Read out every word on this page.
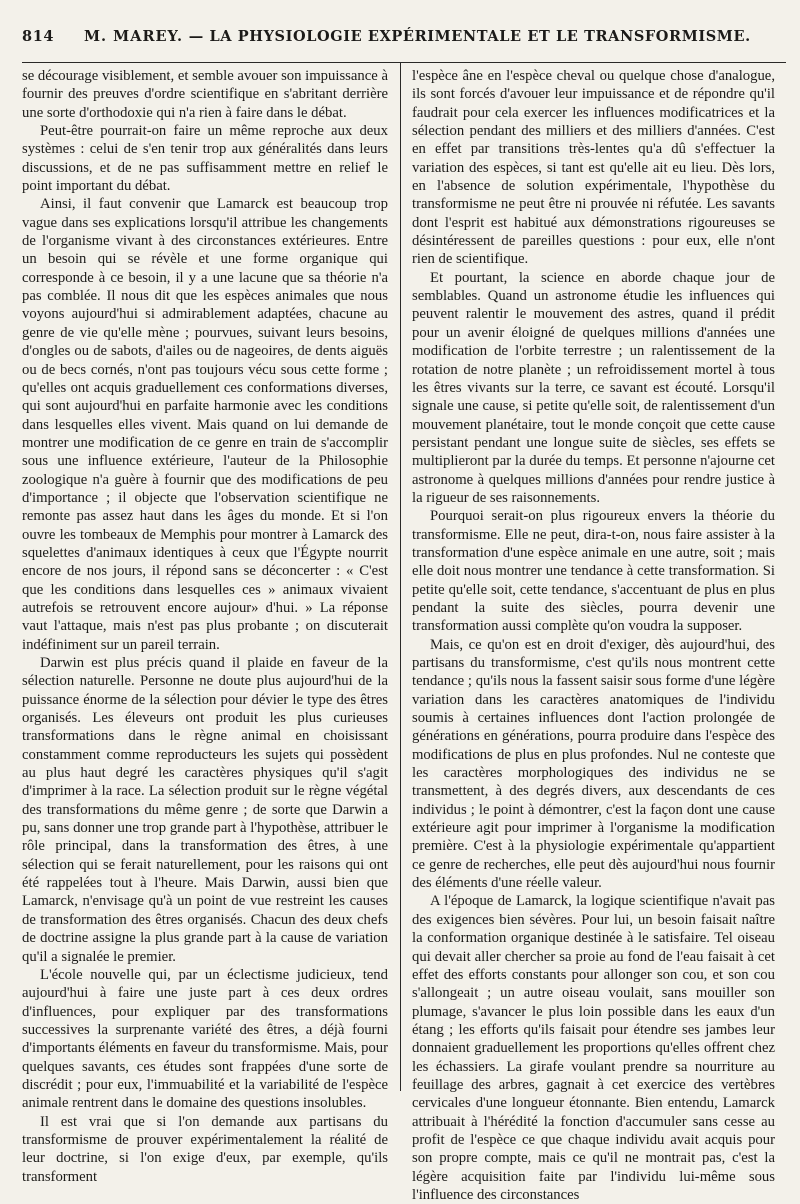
814	M. MAREY. — LA PHYSIOLOGIE EXPÉRIMENTALE ET LE TRANSFORMISME.

se décourage visiblement, et semble avouer son impuissance à fournir des preuves d'ordre scientifique en s'abritant derrière une sorte d'orthodoxie qui n'a rien à faire dans le débat.

Peut-être pourrait-on faire un même reproche aux deux systèmes : celui de s'en tenir trop aux généralités dans leurs discussions, et de ne pas suffisamment mettre en relief le point important du débat.

Ainsi, il faut convenir que Lamarck est beaucoup trop vague dans ses explications lorsqu'il attribue les changements de l'organisme vivant à des circonstances extérieures. Entre un besoin qui se révèle et une forme organique qui corresponde à ce besoin, il y a une lacune que sa théorie n'a pas comblée. Il nous dit que les espèces animales que nous voyons aujourd'hui si admirablement adaptées, chacune au genre de vie qu'elle mène ; pourvues, suivant leurs besoins, d'ongles ou de sabots, d'ailes ou de nageoires, de dents aiguës ou de becs cornés, n'ont pas toujours vécu sous cette forme ; qu'elles ont acquis graduellement ces conformations diverses, qui sont aujourd'hui en parfaite harmonie avec les conditions dans lesquelles elles vivent. Mais quand on lui demande de montrer une modification de ce genre en train de s'accomplir sous une influence extérieure, l'auteur de la Philosophie zoologique n'a guère à fournir que des modifications de peu d'importance ; il objecte que l'observation scientifique ne remonte pas assez haut dans les âges du monde. Et si l'on ouvre les tombeaux de Memphis pour montrer à Lamarck des squelettes d'animaux identiques à ceux que l'Égypte nourrit encore de nos jours, il répond sans se déconcerter : « C'est que les conditions dans lesquelles ces » animaux vivaient autrefois se retrouvent encore aujour» d'hui. » La réponse vaut l'attaque, mais n'est pas plus probante ; on discuterait indéfiniment sur un pareil terrain.

Darwin est plus précis quand il plaide en faveur de la sélection naturelle. Personne ne doute plus aujourd'hui de la puissance énorme de la sélection pour dévier le type des êtres organisés. Les éleveurs ont produit les plus curieuses transformations dans le règne animal en choisissant constamment comme reproducteurs les sujets qui possèdent au plus haut degré les caractères physiques qu'il s'agit d'imprimer à la race. La sélection produit sur le règne végétal des transformations du même genre ; de sorte que Darwin a pu, sans donner une trop grande part à l'hypothèse, attribuer le rôle principal, dans la transformation des êtres, à une sélection qui se ferait naturellement, pour les raisons qui ont été rappelées tout à l'heure. Mais Darwin, aussi bien que Lamarck, n'envisage qu'à un point de vue restreint les causes de transformation des êtres organisés. Chacun des deux chefs de doctrine assigne la plus grande part à la cause de variation qu'il a signalée le premier.

L'école nouvelle qui, par un éclectisme judicieux, tend aujourd'hui à faire une juste part à ces deux ordres d'influences, pour expliquer par des transformations successives la surprenante variété des êtres, a déjà fourni d'importants éléments en faveur du transformisme. Mais, pour quelques savants, ces études sont frappées d'une sorte de discrédit ; pour eux, l'immuabilité et la variabilité de l'espèce animale rentrent dans le domaine des questions insolubles.

Il est vrai que si l'on demande aux partisans du transformisme de prouver expérimentalement la réalité de leur doctrine, si l'on exige d'eux, par exemple, qu'ils transforment

l'espèce âne en l'espèce cheval ou quelque chose d'analogue, ils sont forcés d'avouer leur impuissance et de répondre qu'il faudrait pour cela exercer les influences modificatrices et la sélection pendant des milliers et des milliers d'années. C'est en effet par transitions très-lentes qu'a dû s'effectuer la variation des espèces, si tant est qu'elle ait eu lieu. Dès lors, en l'absence de solution expérimentale, l'hypothèse du transformisme ne peut être ni prouvée ni réfutée. Les savants dont l'esprit est habitué aux démonstrations rigoureuses se désintéressent de pareilles questions : pour eux, elle n'ont rien de scientifique.

Et pourtant, la science en aborde chaque jour de semblables. Quand un astronome étudie les influences qui peuvent ralentir le mouvement des astres, quand il prédit pour un avenir éloigné de quelques millions d'années une modification de l'orbite terrestre ; un ralentissement de la rotation de notre planète ; un refroidissement mortel à tous les êtres vivants sur la terre, ce savant est écouté. Lorsqu'il signale une cause, si petite qu'elle soit, de ralentissement d'un mouvement planétaire, tout le monde conçoit que cette cause persistant pendant une longue suite de siècles, ses effets se multiplieront par la durée du temps. Et personne n'ajourne cet astronome à quelques millions d'années pour rendre justice à la rigueur de ses raisonnements.

Pourquoi serait-on plus rigoureux envers la théorie du transformisme. Elle ne peut, dira-t-on, nous faire assister à la transformation d'une espèce animale en une autre, soit ; mais elle doit nous montrer une tendance à cette transformation. Si petite qu'elle soit, cette tendance, s'accentuant de plus en plus pendant la suite des siècles, pourra devenir une transformation aussi complète qu'on voudra la supposer.

Mais, ce qu'on est en droit d'exiger, dès aujourd'hui, des partisans du transformisme, c'est qu'ils nous montrent cette tendance ; qu'ils nous la fassent saisir sous forme d'une légère variation dans les caractères anatomiques de l'individu soumis à certaines influences dont l'action prolongée de générations en générations, pourra produire dans l'espèce des modifications de plus en plus profondes. Nul ne conteste que les caractères morphologiques des individus ne se transmettent, à des degrés divers, aux descendants de ces individus ; le point à démontrer, c'est la façon dont une cause extérieure agit pour imprimer à l'organisme la modification première. C'est à la physiologie expérimentale qu'appartient ce genre de recherches, elle peut dès aujourd'hui nous fournir des éléments d'une réelle valeur.

A l'époque de Lamarck, la logique scientifique n'avait pas des exigences bien sévères. Pour lui, un besoin faisait naître la conformation organique destinée à le satisfaire. Tel oiseau qui devait aller chercher sa proie au fond de l'eau faisait à cet effet des efforts constants pour allonger son cou, et son cou s'allongeait ; un autre oiseau voulait, sans mouiller son plumage, s'avancer le plus loin possible dans les eaux d'un étang ; les efforts qu'ils faisait pour étendre ses jambes leur donnaient graduellement les proportions qu'elles offrent chez les échassiers. La girafe voulant prendre sa nourriture au feuillage des arbres, gagnait à cet exercice des vertèbres cervicales d'une longueur étonnante. Bien entendu, Lamarck attribuait à l'hérédité la fonction d'accumuler sans cesse au profit de l'espèce ce que chaque individu avait acquis pour son propre compte, mais ce qu'il ne montrait pas, c'est la légère acquisition faite par l'individu lui-même sous l'influence des circonstances
